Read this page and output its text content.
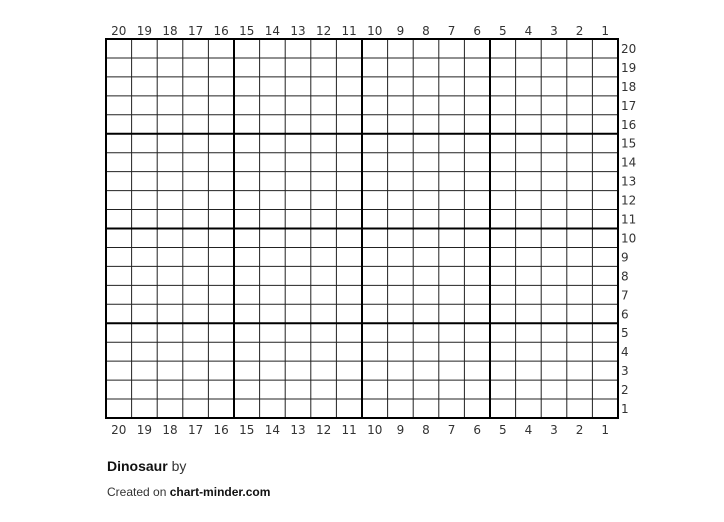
20
20
19
19
18
18
17
17
16
16
15
15
14
14
13
13
12
12
11
11
10
10
9
9
8
8
7
7
6
6
5
5
4
4
3
3
2
2
1
1
20
19
18
17
16
15
14
13
12
11
10
9
8
7
6
5
4
3
2
1
Dinosaur by
Created on chart-minder.com
